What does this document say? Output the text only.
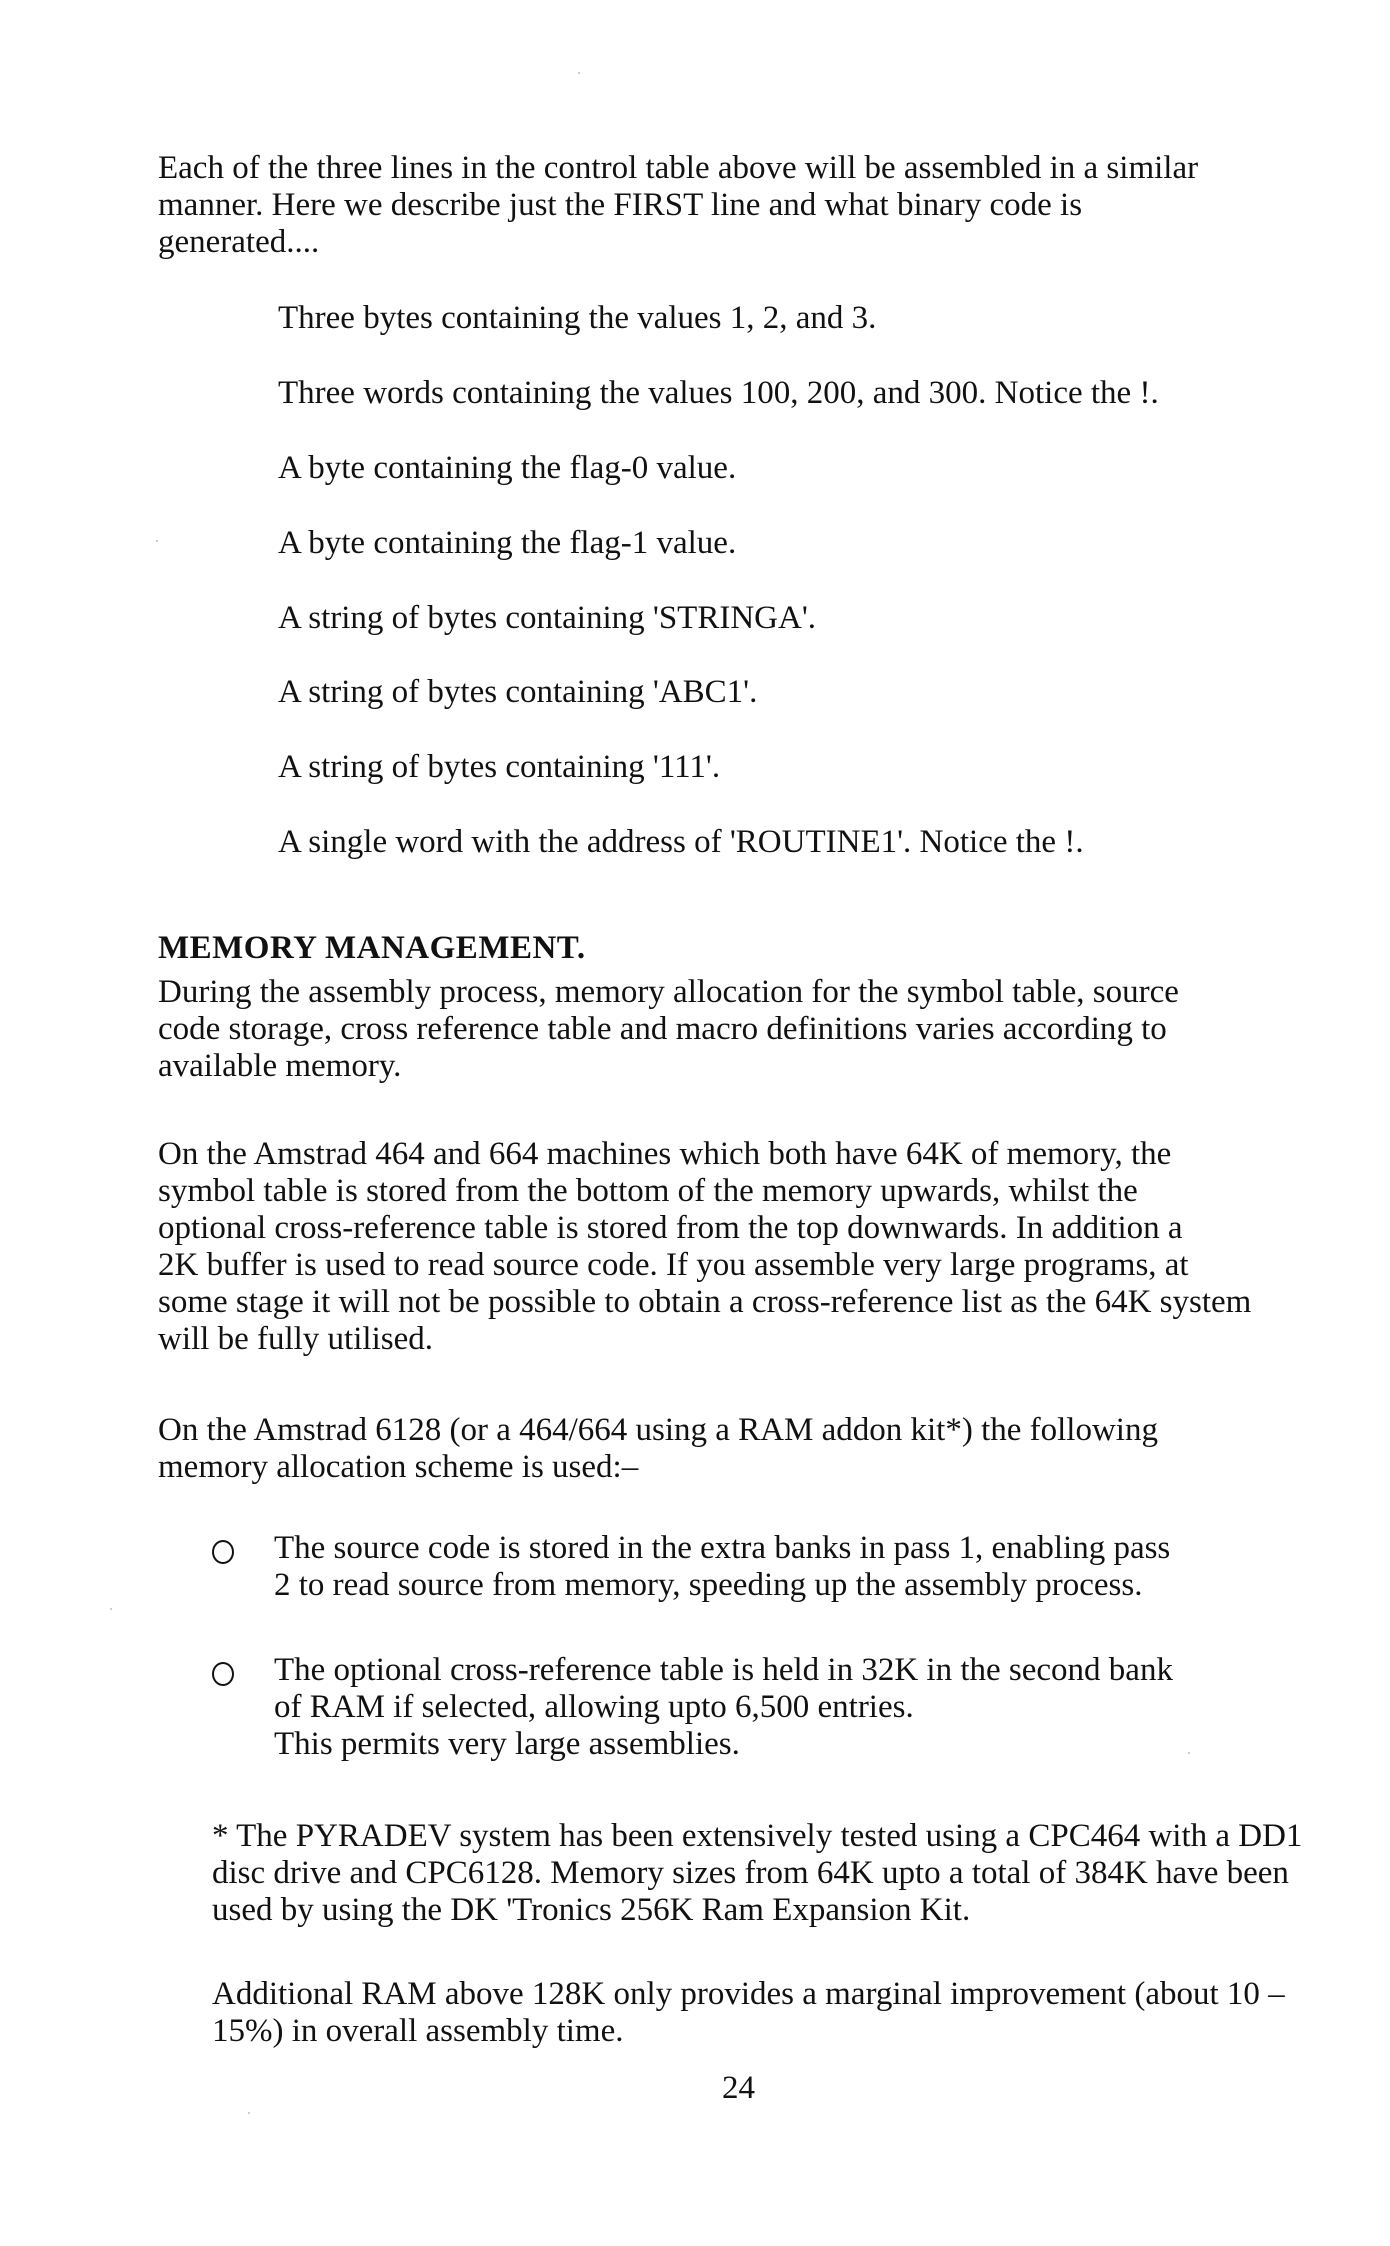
Each of the three lines in the control table above will be assembled in a similar
manner. Here we describe just the FIRST line and what binary code is
generated....

Three bytes containing the values 1, 2, and 3.

Three words containing the values 100, 200, and 300. Notice the !.

A byte containing the flag-0 value.

A byte containing the flag-1 value.

A string of bytes containing 'STRINGA'.

A string of bytes containing 'ABC1'.

A string of bytes containing '111'.

A single word with the address of 'ROUTINE1'. Notice the !.

MEMORY MANAGEMENT.
During the assembly process, memory allocation for the symbol table, source
code storage, cross reference table and macro definitions varies according to
available memory.
On the Amstrad 464 and 664 machines which both have 64K of memory, the
symbol table is stored from the bottom of the memory upwards, whilst the
optional cross-reference table is stored from the top downwards. In addition a
2K buffer is used to read source code. If you assemble very large programs, at
some stage it will not be possible to obtain a cross-reference list as the 64K system
will be fully utilised.
On the Amstrad 6128 (or a 464/664 using a RAM addon kit*) the following
memory allocation scheme is used:–
The source code is stored in the extra banks in pass 1, enabling pass
2 to read source from memory, speeding up the assembly process.
The optional cross-reference table is held in 32K in the second bank
of RAM if selected, allowing upto 6,500 entries.
This permits very large assemblies.
* The PYRADEV system has been extensively tested using a CPC464 with a DD1
disc drive and CPC6128. Memory sizes from 64K upto a total of 384K have been
used by using the DK 'Tronics 256K Ram Expansion Kit.
Additional RAM above 128K only provides a marginal improvement (about 10 –
15%) in overall assembly time.

24
